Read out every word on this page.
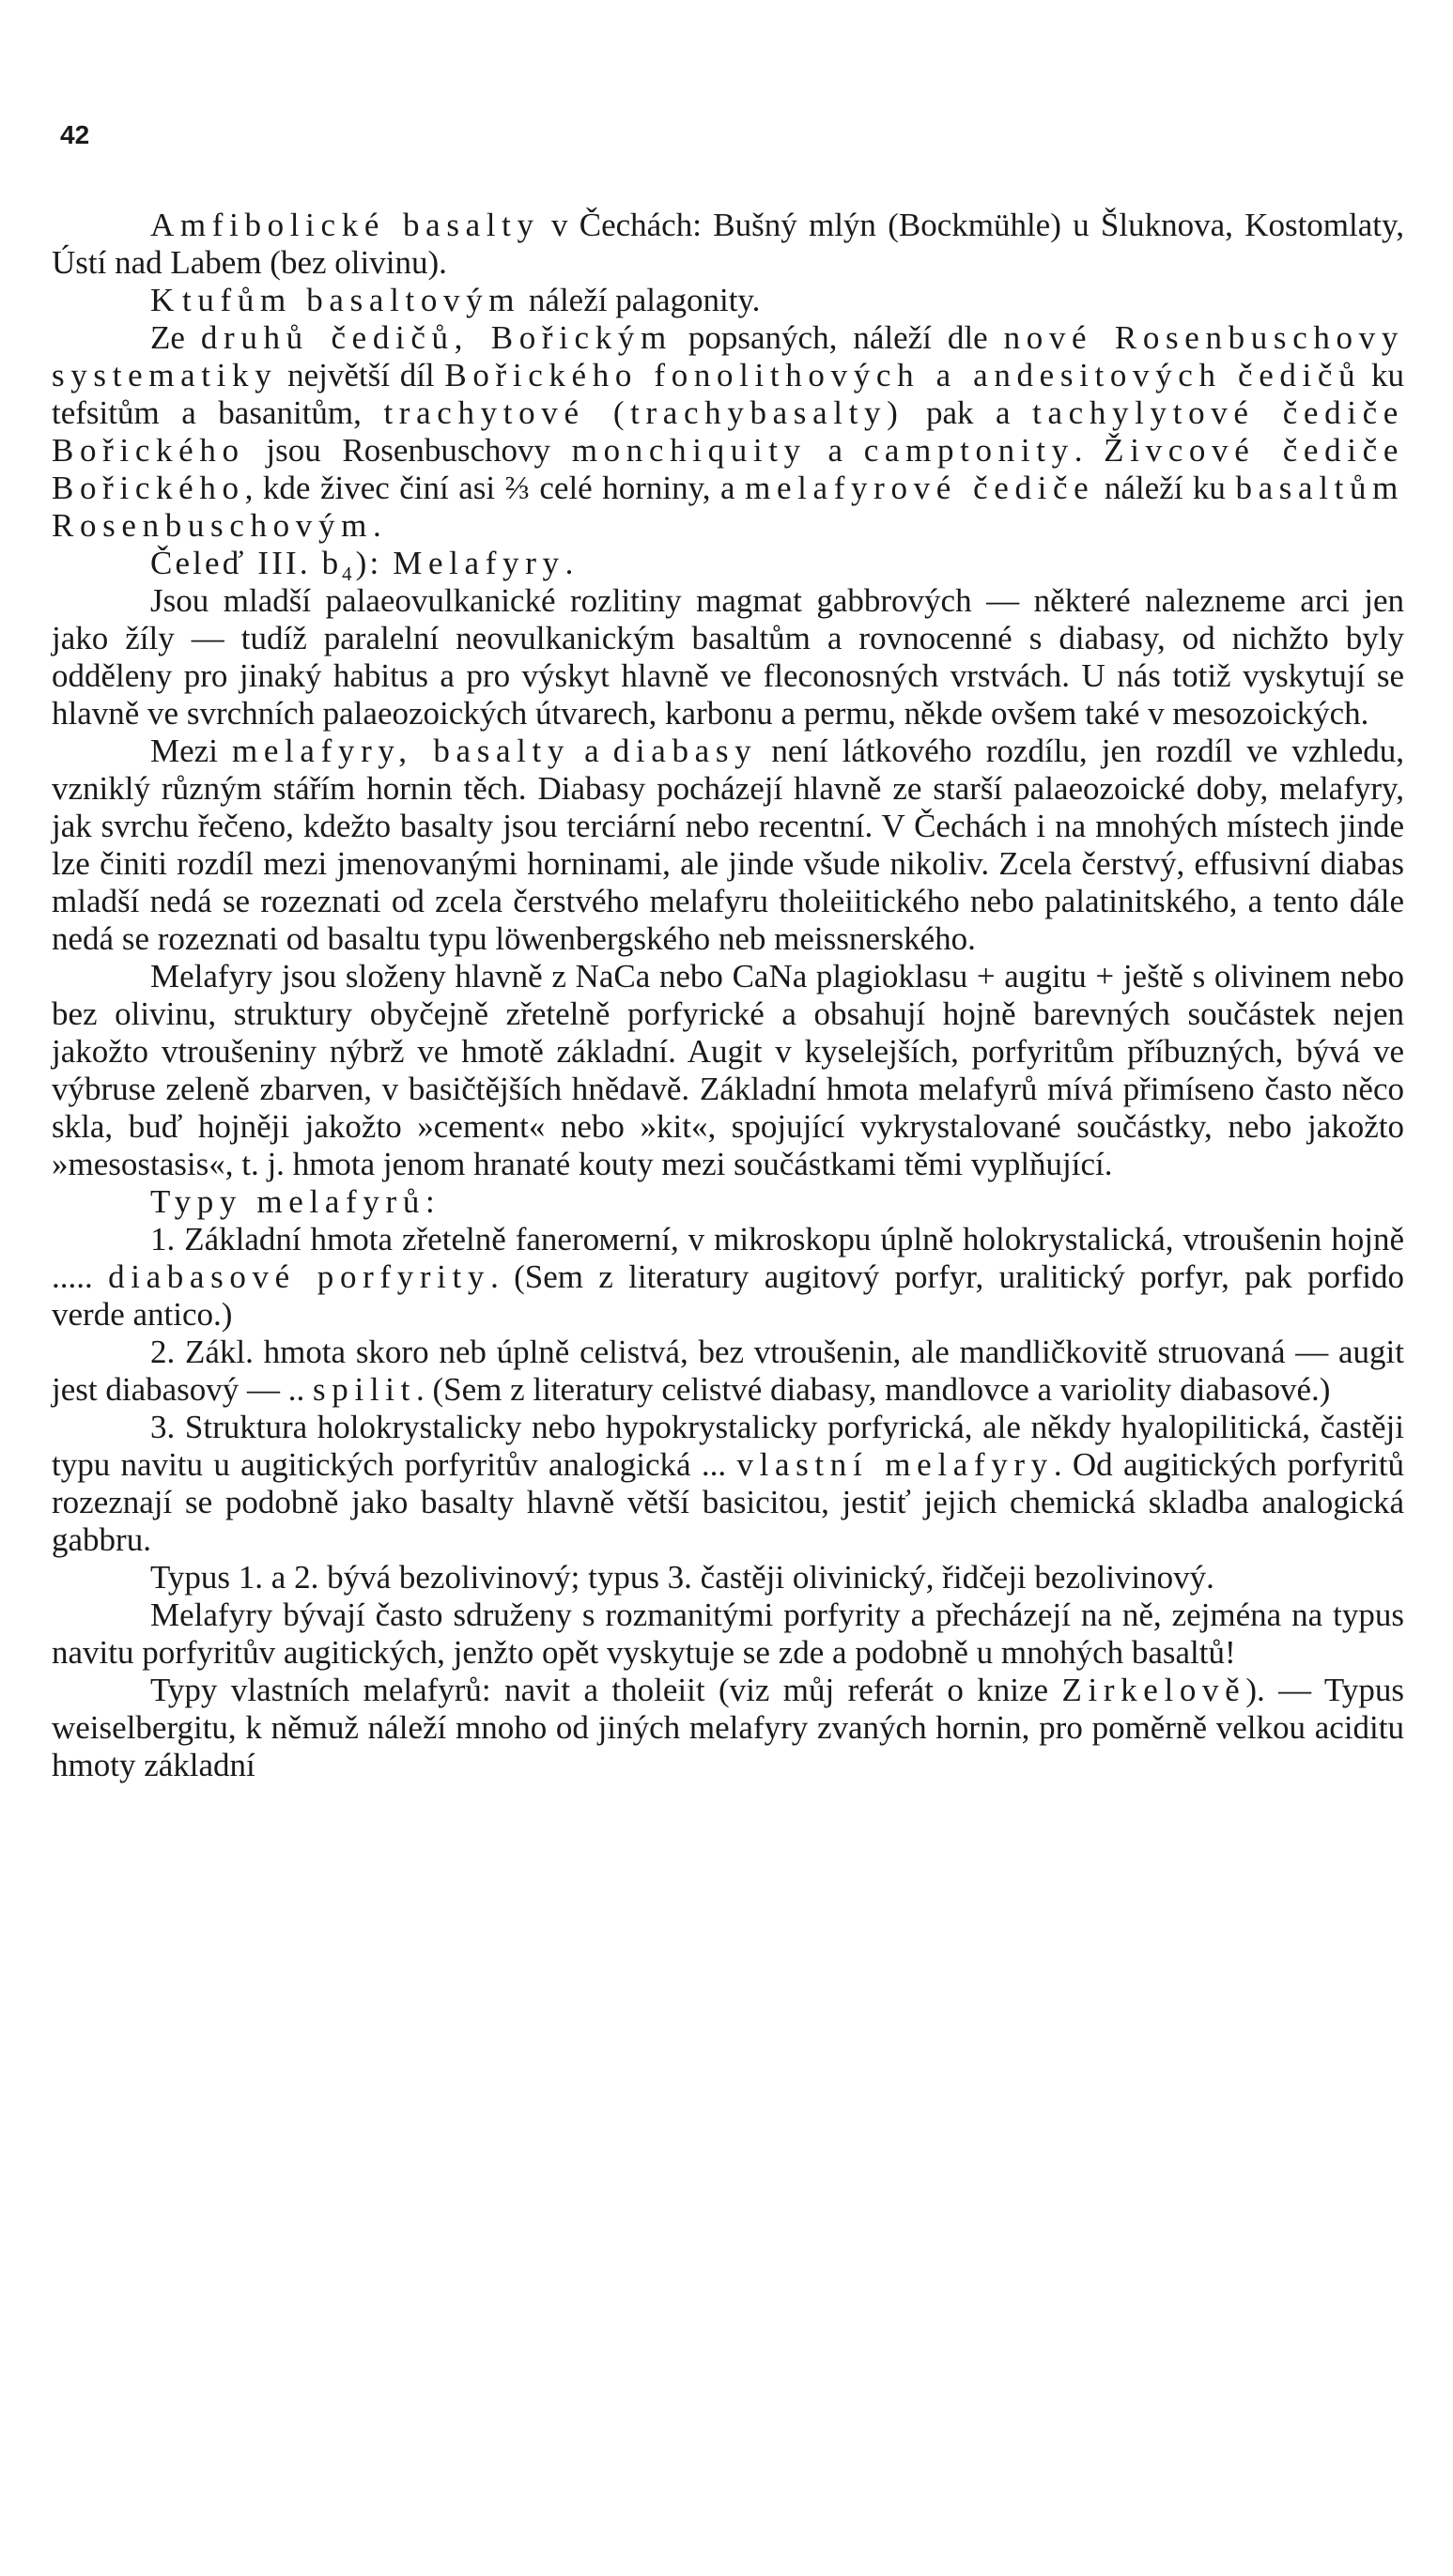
42

Amfibolické basalty v Čechách: Bušný mlýn (Bockmühle) u Šluknova, Kostomlaty, Ústí nad Labem (bez olivinu).

K tufům basaltovým náleží palagonity.

Ze druhů čedičů, Bořickým popsaných, náleží dle nové Rosenbuschovy systematiky největší díl Bořického fonolithových a andesitových čedičů ku tefsitům a basanitům, trachytové (trachybasalty) pak a tachylytové čediče Bořického jsou Rosenbuschovy monchiquity a camptonity. Živcové čediče Bořického, kde živec činí asi ⅔ celé horniny, a melafyrové čediče náleží ku basaltům Rosenbuschovým.

Čeleď III. b₄): Melafyry.

Jsou mladší palaeovulkanické rozlitiny magmat gabbrových — některé nalezneme arci jen jako žíly — tudíž paralelní neovulkanickým basaltům a rovnocenné s diabasy, od nichžto byly odděleny pro jinaký habitus a pro výskyt hlavně ve fleconosných vrstvách. U nás totiž vyskytují se hlavně ve svrchních palaeozoických útvarech, karbonu a permu, někde ovšem také v mesozoických.

Mezi melafyry, basalty a diabasy není látkového rozdílu, jen rozdíl ve vzhledu, vzniklý různým stářím hornin těch. Diabasy pocházejí hlavně ze starší palaeozoické doby, melafyry, jak svrchu řečeno, kdežto basalty jsou terciární nebo recentní. V Čechách i na mnohých místech jinde lze činiti rozdíl mezi jmenovanými horninami, ale jinde všude nikoliv. Zcela čerstvý, effusivní diabas mladší nedá se rozeznati od zcela čerstvého melafyru tholeiitického nebo palatinitského, a tento dále nedá se rozeznati od basaltu typu löwenbergského neb meissnerského.

Melafyry jsou složeny hlavně z NaCa nebo CaNa plagioklasu + augitu + ještě s olivinem nebo bez olivinu, struktury obyčejně zřetelně porfyrické a obsahují hojně barevných součástek nejen jakožto vtroušeniny nýbrž ve hmotě základní. Augit v kyselejších, porfyritům příbuzných, bývá ve výbruse zeleně zbarven, v basičtějších hnědavě. Základní hmota melafyrů mívá přimíseno často něco skla, buď hojněji jakožto »cement« nebo »kit«, spojující vykrystalované součástky, nebo jakožto »mesostasis«, t. j. hmota jenom hranaté kouty mezi součástkami těmi vyplňující.

Typy melafyrů:

1. Základní hmota zřetelně fanerомerní, v mikroskopu úplně holokrystalická, vtroušenin hojně ..... diabasové porfyrity. (Sem z literatury augitový porfyr, uralitický porfyr, pak porfido verde antico.)

2. Zákl. hmota skoro neb úplně celistvá, bez vtroušenin, ale mandličkovitě struovaná — augit jest diabasový — .. spilit. (Sem z literatury celistvé diabasy, mandlovce a variolity diabasové.)

3. Struktura holokrystalicky nebo hypokrystalicky porfyrická, ale někdy hyalopilitická, častěji typu navitu u augitických porfyritův analogická ... vlastní melafyry. Od augitických porfyritů rozeznají se podobně jako basalty hlavně větší basicitou, jestiť jejich chemická skladba analogická gabbru.

Typus 1. a 2. bývá bezolivinový; typus 3. častěji olivinický, řidčeji bezolivinový.

Melafyry bývají často sdruženy s rozmanitými porfyrity a přecházejí na ně, zejména na typus navitu porfyritův augitických, jenžto opět vyskytuje se zde a podobně u mnohých basaltů!

Typy vlastních melafyrů: navit a tholeiit (viz můj referát o knize Zirkelově). — Typus weiselbergitu, k němuž náleží mnoho od jiných melafyry zvaných hornin, pro poměrně velkou aciditu hmoty základní
